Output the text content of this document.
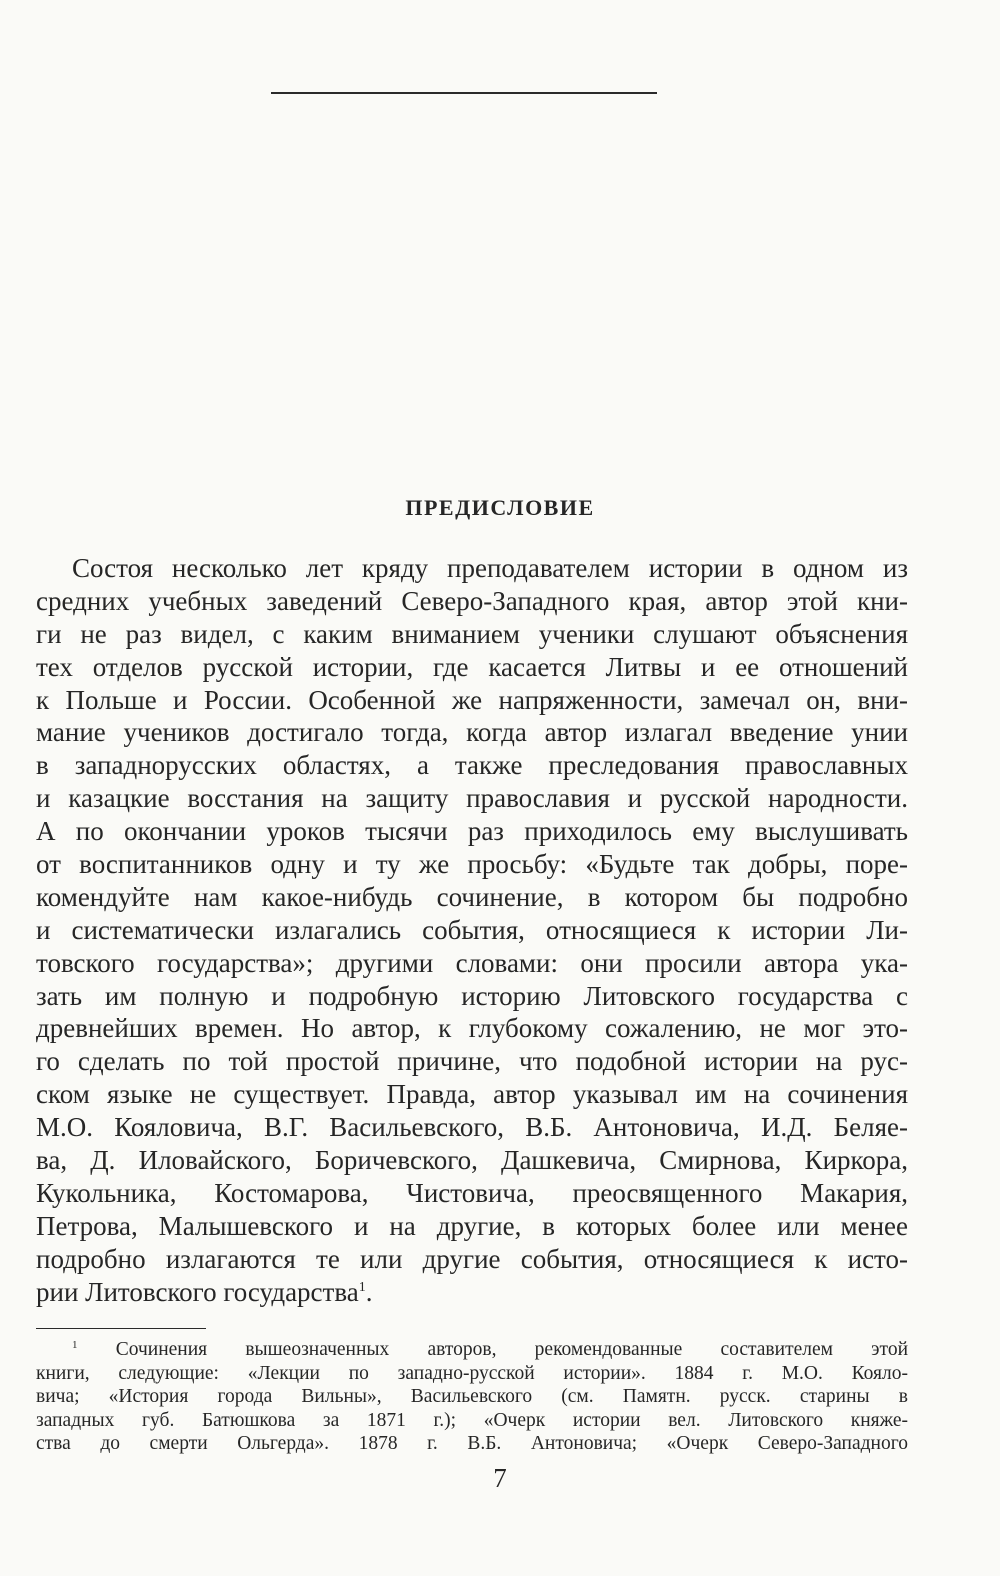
ПРЕДИСЛОВИЕ
Состоя несколько лет кряду преподавателем истории в одном из
средних учебных заведений Северо-Западного края, автор этой кни-
ги не раз видел, с каким вниманием ученики слушают объяснения
тех отделов русской истории, где касается Литвы и ее отношений
к Польше и России. Особенной же напряженности, замечал он, вни-
мание учеников достигало тогда, когда автор излагал введение унии
в западнорусских областях, а также преследования православных
и казацкие восстания на защиту православия и русской народности.
А по окончании уроков тысячи раз приходилось ему выслушивать
от воспитанников одну и ту же просьбу: «Будьте так добры, поре-
комендуйте нам какое-нибудь сочинение, в котором бы подробно
и систематически излагались события, относящиеся к истории Ли-
товского государства»; другими словами: они просили автора ука-
зать им полную и подробную историю Литовского государства с
древнейших времен. Но автор, к глубокому сожалению, не мог это-
го сделать по той простой причине, что подобной истории на рус-
ском языке не существует. Правда, автор указывал им на сочинения
М.О. Кояловича, В.Г. Васильевского, В.Б. Антоновича, И.Д. Беляе-
ва, Д. Иловайского, Боричевского, Дашкевича, Смирнова, Киркора,
Кукольника, Костомарова, Чистовича, преосвященного Макария,
Петрова, Малышевского и на другие, в которых более или менее
подробно излагаются те или другие события, относящиеся к исто-
рии Литовского государства$^1$.
$^1$ Сочинения вышеозначенных авторов, рекомендованные составителем этой
книги, следующие: «Лекции по западно-русской истории». 1884 г. М.О. Кояло-
вича; «История города Вильны», Васильевского (см. Памятн. русск. старины в
западных губ. Батюшкова за 1871 г.); «Очерк истории вел. Литовского княже-
ства до смерти Ольгерда». 1878 г. В.Б. Антоновича; «Очерк Северо-Западного
7
